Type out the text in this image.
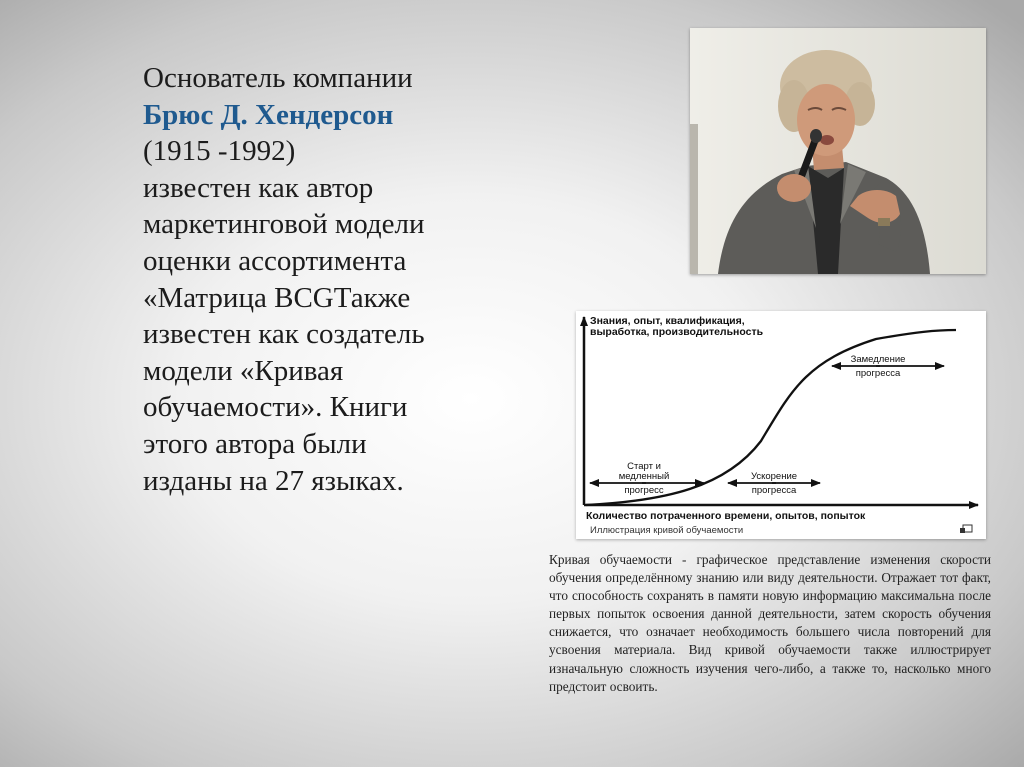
Основатель компании
Брюс Д. Хендерсон
(1915 -1992)
известен как автор
маркетинговой модели
оценки ассортимента
«Матрица BCGТакже
известен как создатель
модели «Кривая
обучаемости». Книги
этого автора были
изданы на 27 языках.
Знания, опыт, квалификация,
выработка, производительность
Старт и
медленный
прогресс
Ускорение
прогресса
Замедление
прогресса
Количество потраченного времени, опытов, попыток
Иллюстрация кривой обучаемости
Кривая обучаемости - графическое представление изменения скорости обучения определённому знанию или виду деятельности. Отражает тот факт, что способность сохранять в памяти новую информацию максимальна после первых попыток освоения данной деятельности, затем скорость обучения снижается, что означает необходимость большего числа повторений для усвоения материала. Вид кривой обучаемости также иллюстрирует изначальную сложность изучения чего-либо, а также то, насколько много предстоит освоить.
